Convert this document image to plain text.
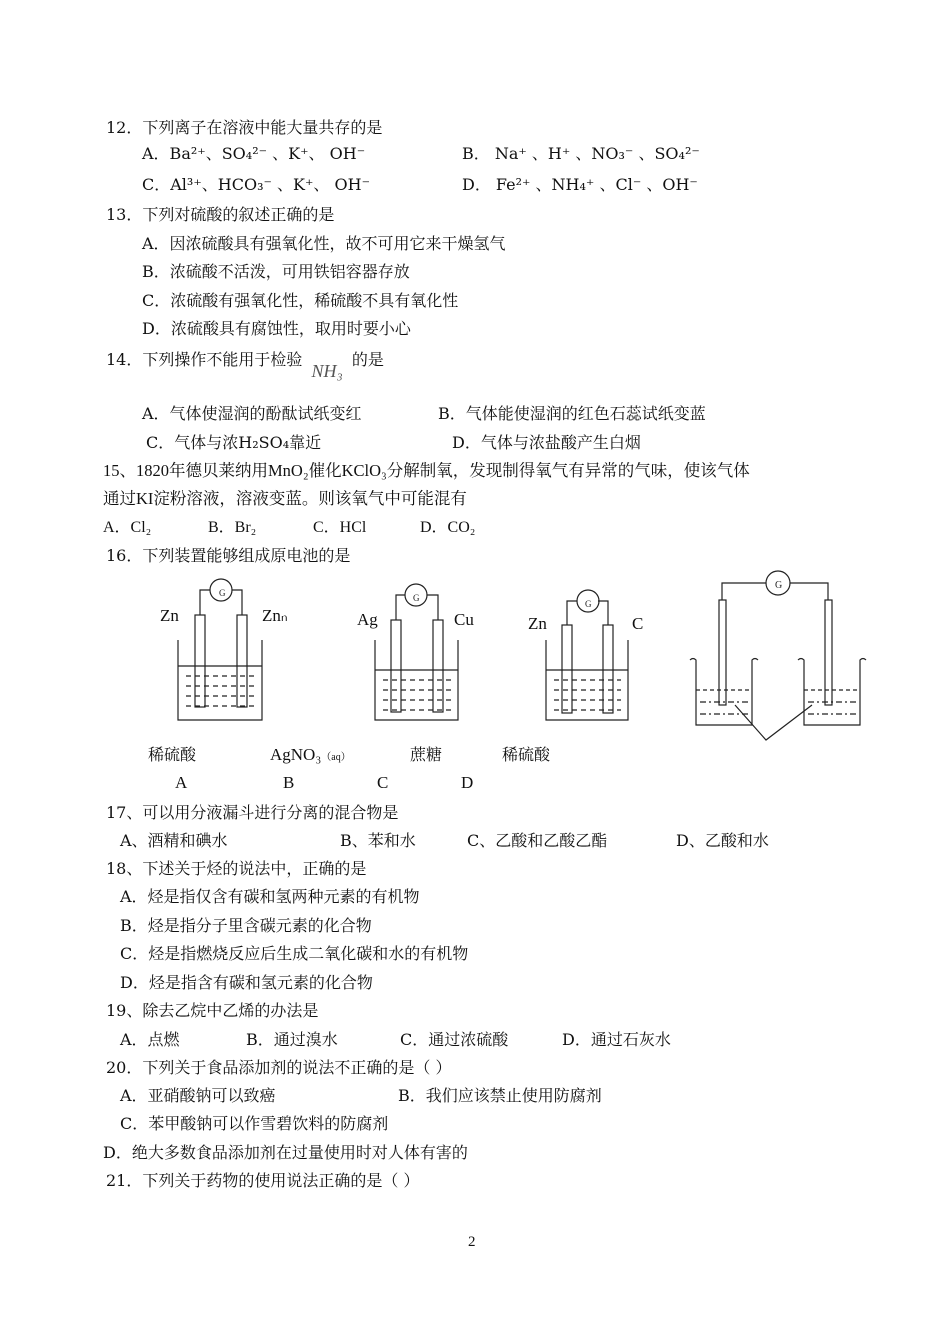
12．下列离子在溶液中能大量共存的是
A．Ba²⁺、SO₄²⁻ 、K⁺、 OH⁻	B． Na⁺ 、H⁺ 、NO₃⁻ 、SO₄²⁻
C．Al³⁺、HCO₃⁻ 、K⁺、 OH⁻	D． Fe²⁺ 、NH₄⁺ 、Cl⁻ 、OH⁻
13．下列对硫酸的叙述正确的是
A．因浓硫酸具有强氧化性，故不可用它来干燥氢气
B．浓硫酸不活泼，可用铁铝容器存放
C．浓硫酸有强氧化性，稀硫酸不具有氧化性
D．浓硫酸具有腐蚀性，取用时要小心
14．下列操作不能用于检验 NH₃ 的是
A．气体使湿润的酚酞试纸变红	B．气体能使湿润的红色石蕊试纸变蓝
C．气体与浓H₂SO₄靠近	D．气体与浓盐酸产生白烟
15、1820年德贝莱纳用MnO₂催化KClO₃分解制氧，发现制得氧气有异常的气味，使该气体
通过KI淀粉溶液，溶液变蓝。则该氧气中可能混有
A．Cl₂	B．Br₂	C．HCl	D．CO₂
16．下列装置能够组成原电池的是
G	G
G
G
Zn	Znₙ	Ag	Cu	Zn	C
稀硫酸	AgNO₃（aq）	蔗糖	稀硫酸
A	B	C	D
17、可以用分液漏斗进行分离的混合物是
A、酒精和碘水	B、苯和水	C、乙酸和乙酸乙酯	D、乙酸和水
18、下述关于烃的说法中，正确的是
A．烃是指仅含有碳和氢两种元素的有机物
B．烃是指分子里含碳元素的化合物
C．烃是指燃烧反应后生成二氧化碳和水的有机物
D．烃是指含有碳和氢元素的化合物
19、除去乙烷中乙烯的办法是
A．点燃	B．通过溴水	C．通过浓硫酸	D．通过石灰水
20．下列关于食品添加剂的说法不正确的是（ ）
A．亚硝酸钠可以致癌	B．我们应该禁止使用防腐剂
C．苯甲酸钠可以作雪碧饮料的防腐剂
D．绝大多数食品添加剂在过量使用时对人体有害的
21．下列关于药物的使用说法正确的是（ ）
2
